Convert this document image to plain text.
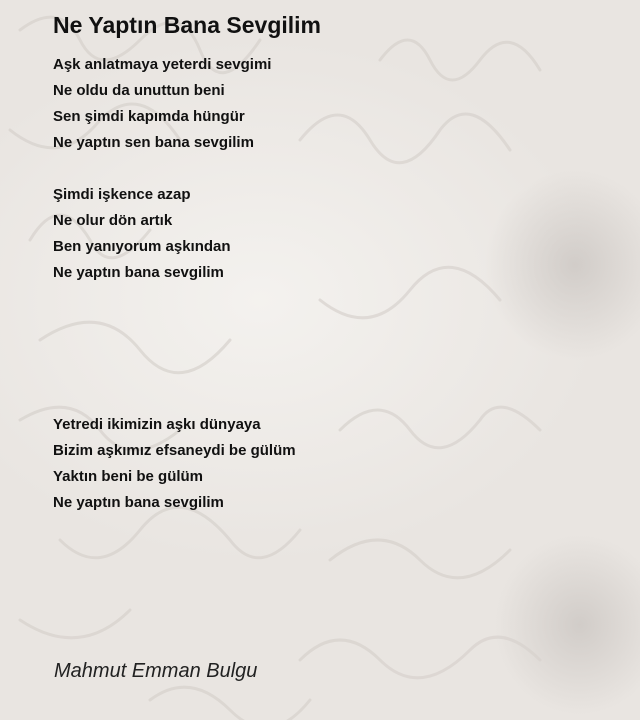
Ne Yaptın Bana Sevgilim
Aşk anlatmaya yeterdi sevgimi
Ne oldu da unuttun beni
Sen şimdi kapımda hüngür
Ne yaptın sen bana sevgilim
Şimdi işkence azap
Ne olur dön artık
Ben yanıyorum aşkından
Ne yaptın bana sevgilim
Yetredi ikimizin aşkı dünyaya
Bizim aşkımız efsaneydi be gülüm
Yaktın beni be gülüm
Ne yaptın bana sevgilim
Mahmut Emman Bulgu
